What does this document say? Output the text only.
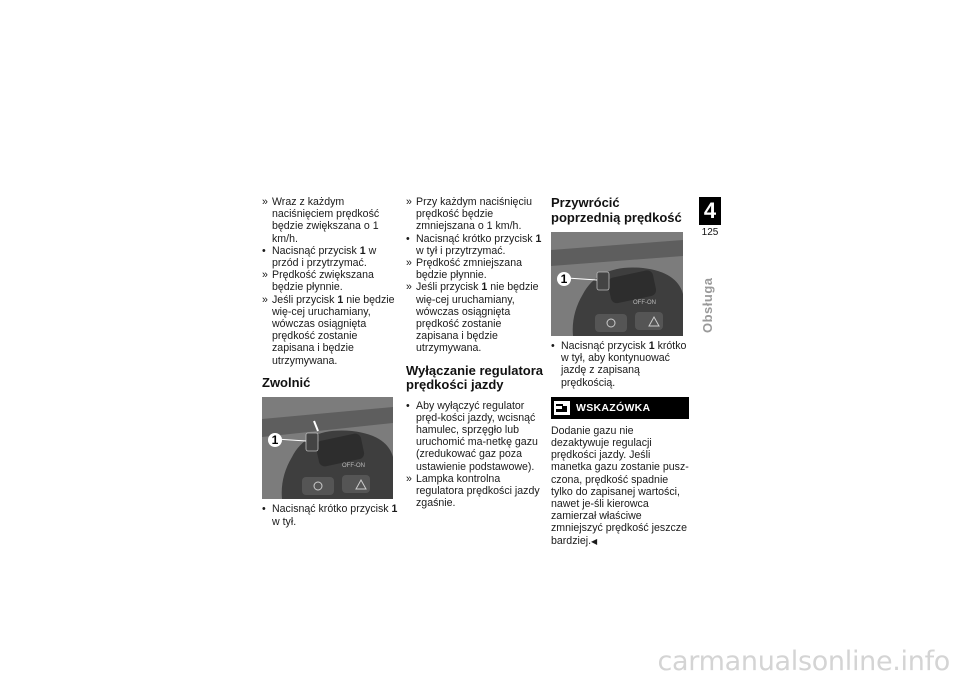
» Wraz z każdym naciśnięciem prędkość będzie zwiększana o 1 km/h.

• Nacisnąć przycisk 1 w przód i przytrzymać.

» Prędkość zwiększana będzie płynnie.

» Jeśli przycisk 1 nie będzie wię-cej uruchamiany, wówczas osiągnięta prędkość zostanie zapisana i będzie utrzymywana.

Zwolnić
OFF-ON
1

• Nacisnąć krótko przycisk 1 w tył.

» Przy każdym naciśnięciu prędkość będzie zmniejszana o 1 km/h.

• Nacisnąć krótko przycisk 1 w tył i przytrzymać.

» Prędkość zmniejszana będzie płynnie.

» Jeśli przycisk 1 nie będzie wię-cej uruchamiany, wówczas osiągnięta prędkość zostanie zapisana i będzie utrzymywana.

Wyłączanie regulatora prędkości jazdy

• Aby wyłączyć regulator pręd-kości jazdy, wcisnąć hamulec, sprzęgło lub uruchomić ma-netkę gazu (zredukować gaz poza ustawienie podstawowe).

» Lampka kontrolna regulatora prędkości jazdy zgaśnie.

Przywrócić poprzednią prędkość
OFF-ON
1

• Nacisnąć przycisk 1 krótko w tył, aby kontynuować jazdę z zapisaną prędkością.

WSKAZÓWKA

Dodanie gazu nie dezaktywuje regulacji prędkości jazdy. Jeśli manetka gazu zostanie pusz-czona, prędkość spadnie tylko do zapisanej wartości, nawet je-śli kierowca zamierzał właściwe zmniejszyć prędkość jeszcze bardziej.◀

4
125
Obsługa
carmanualsonline.info
